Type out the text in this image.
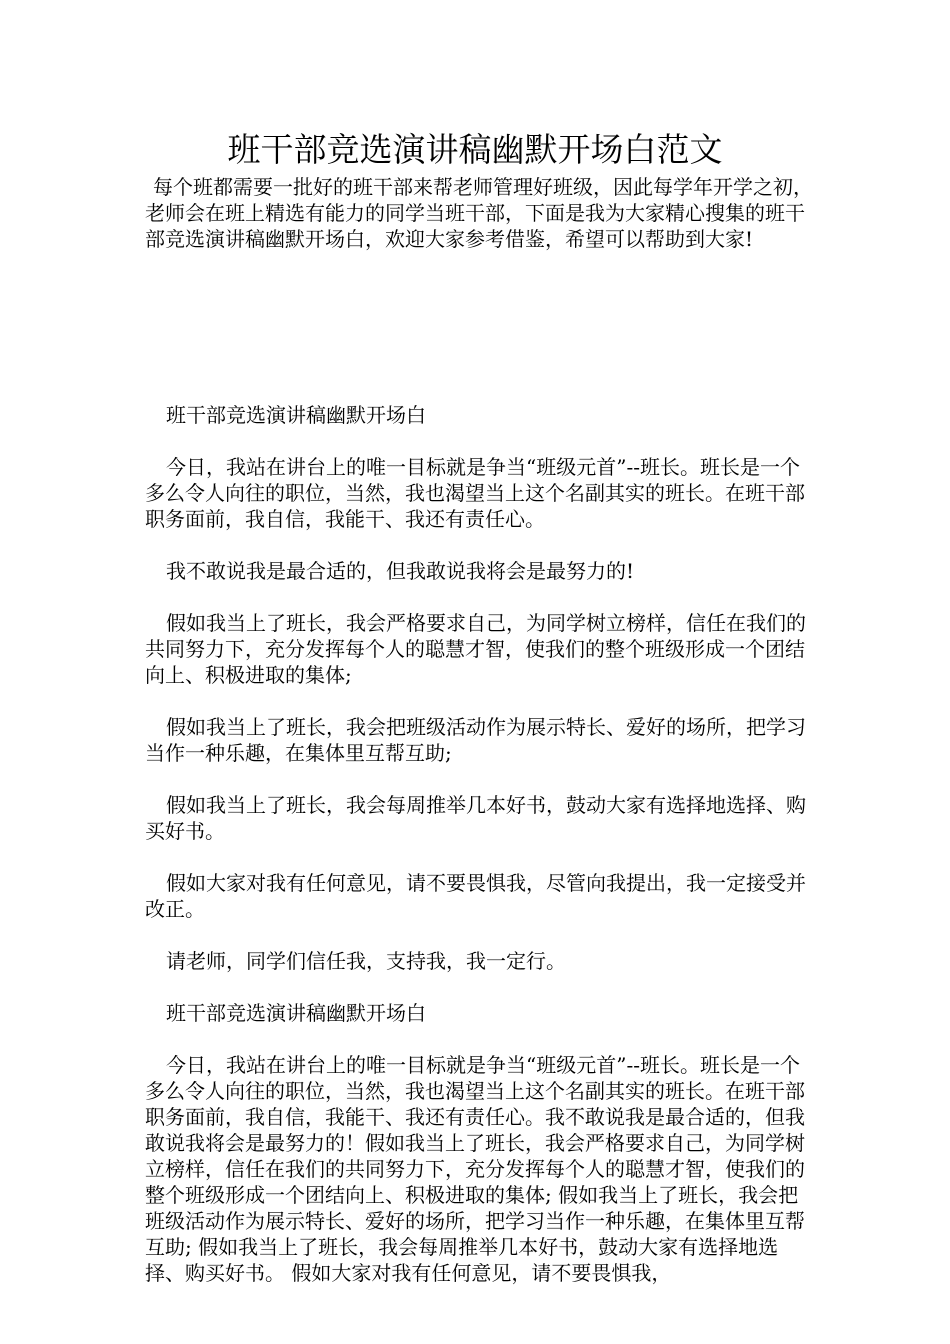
班干部竞选演讲稿幽默开场白范文

每个班都需要一批好的班干部来帮老师管理好班级，因此每学年开学之初，老师会在班上精选有能力的同学当班干部，下面是我为大家精心搜集的班干部竞选演讲稿幽默开场白，欢迎大家参考借鉴，希望可以帮助到大家!

班干部竞选演讲稿幽默开场白

今日，我站在讲台上的唯一目标就是争当“班级元首”--班长。班长是一个多么令人向往的职位，当然，我也渴望当上这个名副其实的班长。在班干部职务面前，我自信，我能干、我还有责任心。

我不敢说我是最合适的，但我敢说我将会是最努力的!

假如我当上了班长，我会严格要求自己，为同学树立榜样，信任在我们的共同努力下，充分发挥每个人的聪慧才智，使我们的整个班级形成一个团结向上、积极进取的集体;

假如我当上了班长，我会把班级活动作为展示特长、爱好的场所，把学习当作一种乐趣，在集体里互帮互助;

假如我当上了班长，我会每周推举几本好书，鼓动大家有选择地选择、购买好书。

假如大家对我有任何意见，请不要畏惧我，尽管向我提出，我一定接受并改正。

请老师，同学们信任我，支持我，我一定行。

班干部竞选演讲稿幽默开场白

今日，我站在讲台上的唯一目标就是争当“班级元首”--班长。班长是一个多么令人向往的职位，当然，我也渴望当上这个名副其实的班长。在班干部职务面前，我自信，我能干、我还有责任心。我不敢说我是最合适的，但我敢说我将会是最努力的！假如我当上了班长，我会严格要求自己，为同学树立榜样，信任在我们的共同努力下，充分发挥每个人的聪慧才智，使我们的整个班级形成一个团结向上、积极进取的集体; 假如我当上了班长，我会把班级活动作为展示特长、爱好的场所，把学习当作一种乐趣，在集体里互帮互助; 假如我当上了班长，我会每周推举几本好书，鼓动大家有选择地选择、购买好书。 假如大家对我有任何意见，请不要畏惧我，
